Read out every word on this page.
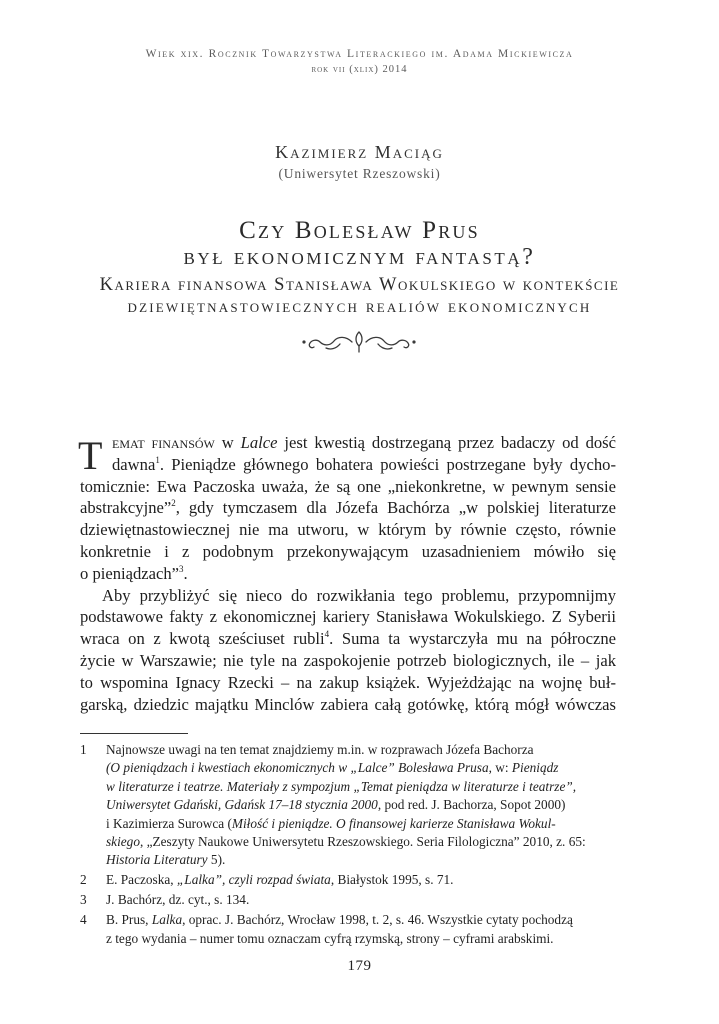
Wiek xix. Rocznik Towarzystwa Literackiego im. Adama Mickiewicza
rok vii (xlix) 2014
Kazimierz Maciąg
(Uniwersytet Rzeszowski)
Czy Bolesław Prus
był ekonomicznym fantastą?
Kariera finansowa Stanisława Wokulskiego w kontekście
dziewiętnastowiecznych realiów ekonomicznych
T emat finansów w Lalce jest kwestią dostrzeganą przez badaczy od dość
dawna$^1$. Pieniądze głównego bohatera powieści postrzegane były dycho-
tomicznie: Ewa Paczoska uważa, że są one „niekonkretne, w pewnym sensie
abstrakcyjne”$^2$, gdy tymczasem dla Józefa Bachórza „w polskiej literaturze
dziewiętnastowiecznej nie ma utworu, w którym by równie często, równie
konkretnie i z podobnym przekonywającym uzasadnieniem mówiło się
o pieniądzach”$^3$.
Aby przybliżyć się nieco do rozwikłania tego problemu, przypomnijmy
podstawowe fakty z ekonomicznej kariery Stanisława Wokulskiego. Z Syberii
wraca on z kwotą sześciuset rubli$^4$. Suma ta wystarczyła mu na półroczne
życie w Warszawie; nie tyle na zaspokojenie potrzeb biologicznych, ile – jak
to wspomina Ignacy Rzecki – na zakup książek. Wyjeżdżając na wojnę buł-
garską, dziedzic majątku Minclów zabiera całą gotówkę, którą mógł wówczas
1 Najnowsze uwagi na ten temat znajdziemy m.in. w rozprawach Józefa Bachorza
(O pieniądzach i kwestiach ekonomicznych w „Lalce” Bolesława Prusa, w: Pieniądz
w literaturze i teatrze. Materiały z sympozjum „Temat pieniądza w literaturze i teatrze”,
Uniwersytet Gdański, Gdańsk 17–18 stycznia 2000, pod red. J. Bachorza, Sopot 2000)
i Kazimierza Surowca (Miłość i pieniądze. O finansowej karierze Stanisława Wokul-
skiego, „Zeszyty Naukowe Uniwersytetu Rzeszowskiego. Seria Filologiczna” 2010, z. 65:
Historia Literatury 5).
2 E. Paczoska, „Lalka”, czyli rozpad świata, Białystok 1995, s. 71.
3 J. Bachórz, dz. cyt., s. 134.
4 B. Prus, Lalka, oprac. J. Bachórz, Wrocław 1998, t. 2, s. 46. Wszystkie cytaty pochodzą
z tego wydania – numer tomu oznaczam cyfrą rzymską, strony – cyframi arabskimi.
179
